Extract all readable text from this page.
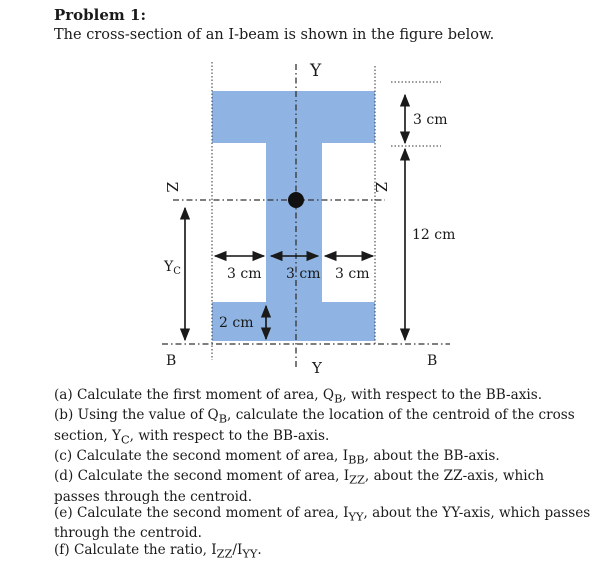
Problem 1:

The cross-section of an I-beam is shown in the figure below.

Y
Y
Z	Z
B	B
$Y_C$
3 cm
12 cm
3 cm 3 cm 3 cm
2 cm
(a) Calculate the first moment of area, $Q_B$, with respect to the BB-axis.
(b) Using the value of $Q_B$, calculate the location of the centroid of the cross section, $Y_C$, with respect to the BB-axis.
(c) Calculate the second moment of area, $I_{BB}$, about the BB-axis.
(d) Calculate the second moment of area, $I_{ZZ}$, about the ZZ-axis, which passes through the centroid.
(e) Calculate the second moment of area, $I_{YY}$, about the YY-axis, which passes through the centroid.
(f) Calculate the ratio, $I_{ZZ}/I_{YY}$.
